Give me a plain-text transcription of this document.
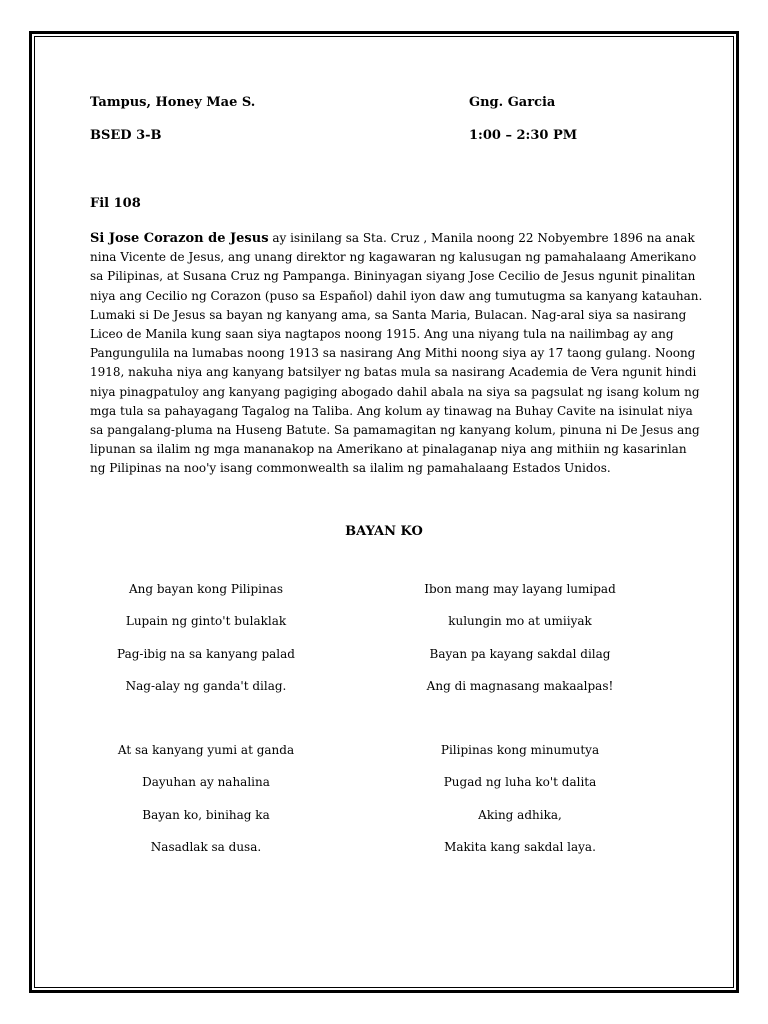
Tampus, Honey Mae S.
BSED 3-B
Gng. Garcia
1:00 – 2:30 PM
Fil 108
Si Jose Corazon de Jesus ay isinilang sa Sta. Cruz , Manila noong 22 Nobyembre 1896 na anak
nina Vicente de Jesus, ang unang direktor ng kagawaran ng kalusugan ng pamahalaang Amerikano
sa Pilipinas, at Susana Cruz ng Pampanga. Bininyagan siyang Jose Cecilio de Jesus ngunit pinalitan
niya ang Cecilio ng Corazon (puso sa Español) dahil iyon daw ang tumutugma sa kanyang katauhan.
Lumaki si De Jesus sa bayan ng kanyang ama, sa Santa Maria, Bulacan. Nag-aral siya sa nasirang
Liceo de Manila kung saan siya nagtapos noong 1915. Ang una niyang tula na nailimbag ay ang
Pangungulila na lumabas noong 1913 sa nasirang Ang Mithi noong siya ay 17 taong gulang. Noong
1918, nakuha niya ang kanyang batsilyer ng batas mula sa nasirang Academia de Vera ngunit hindi
niya pinagpatuloy ang kanyang pagiging abogado dahil abala na siya sa pagsulat ng isang kolum ng
mga tula sa pahayagang Tagalog na Taliba. Ang kolum ay tinawag na Buhay Cavite na isinulat niya
sa pangalang-pluma na Huseng Batute. Sa pamamagitan ng kanyang kolum, pinuna ni De Jesus ang
lipunan sa ilalim ng mga mananakop na Amerikano at pinalaganap niya ang mithiin ng kasarinlan
ng Pilipinas na noo'y isang commonwealth sa ilalim ng pamahalaang Estados Unidos.
BAYAN KO
Ang bayan kong Pilipinas
Lupain ng ginto't bulaklak
Pag-ibig na sa kanyang palad
Nag-alay ng ganda't dilag.
At sa kanyang yumi at ganda
Dayuhan ay nahalina
Bayan ko, binihag ka
Nasadlak sa dusa.
Ibon mang may layang lumipad
kulungin mo at umiiyak
Bayan pa kayang sakdal dilag
Ang di magnasang makaalpas!
Pilipinas kong minumutya
Pugad ng luha ko't dalita
Aking adhika,
Makita kang sakdal laya.
